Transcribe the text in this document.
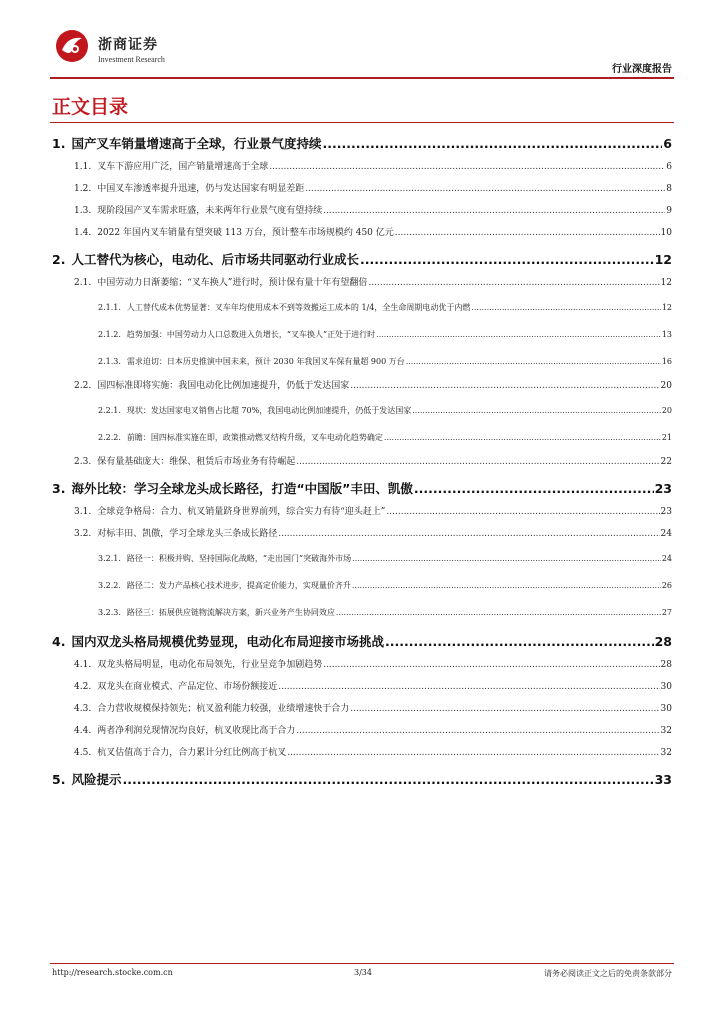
浙商证券
Investment Research
行业深度报告
正文目录
1. 国产叉车销量增速高于全球，行业景气度持续 .....	6
1.1. 叉车下游应用广泛，国产销量增速高于全球 .....	6
1.2. 中国叉车渗透率提升迅速，仍与发达国家有明显差距 .....	8
1.3. 现阶段国产叉车需求旺盛，未来两年行业景气度有望持续 .....	9
1.4. 2022 年国内叉车销量有望突破 113 万台，预计整车市场规模约 450 亿元 .....	10
2. 人工替代为核心，电动化、后市场共同驱动行业成长 .....	12
2.1. 中国劳动力日渐萎缩；“叉车换人”进行时，预计保有量十年有望翻倍 .....	12
2.1.1. 人工替代成本优势显著：叉车年均使用成本不到等效搬运工成本的 1/4，全生命周期电动优于内燃 .....	12
2.1.2. 趋势加强：中国劳动力人口总数进入负增长，“叉车换人”正处于进行时 .....	13
2.1.3. 需求迫切：日本历史推演中国未来，预计 2030 年我国叉车保有量超 900 万台 .....	16
2.2. 国四标准即将实施：我国电动化比例加速提升，仍低于发达国家 .....	20
2.2.1. 现状：发达国家电叉销售占比超 70%，我国电动比例加速提升，仍低于发达国家 .....	20
2.2.2. 前瞻：国四标准实施在即，政策推动燃叉结构升级，叉车电动化趋势确定 .....	21
2.3. 保有量基础庞大：维保、租赁后市场业务有待崛起 .....	22
3. 海外比较：学习全球龙头成长路径，打造“中国版”丰田、凯傲 .....	23
3.1. 全球竞争格局：合力、杭叉销量跻身世界前列，综合实力有待“迎头赶上” .....	23
3.2. 对标丰田、凯傲，学习全球龙头三条成长路径 .....	24
3.2.1. 路径一：积极并购、坚持国际化战略，“走出国门”突破海外市场 .....	24
3.2.2. 路径二：发力产品核心技术进步，提高定价能力，实现量价齐升 .....	26
3.2.3. 路径三：拓展供应链物流解决方案，新兴业务产生协同效应 .....	27
4. 国内双龙头格局规模优势显现，电动化布局迎接市场挑战 .....	28
4.1. 双龙头格局明显，电动化布局领先，行业呈竞争加剧趋势 .....	28
4.2. 双龙头在商业模式、产品定位、市场份额接近 .....	30
4.3. 合力营收规模保持领先；杭叉盈利能力较强，业绩增速快于合力 .....	30
4.4. 两者净利润兑现情况均良好，杭叉收现比高于合力 .....	32
4.5. 杭叉估值高于合力，合力累计分红比例高于杭叉 .....	32
5. 风险提示 .....	33
http://research.stocke.com.cn	3/34	请务必阅读正文之后的免责条款部分
